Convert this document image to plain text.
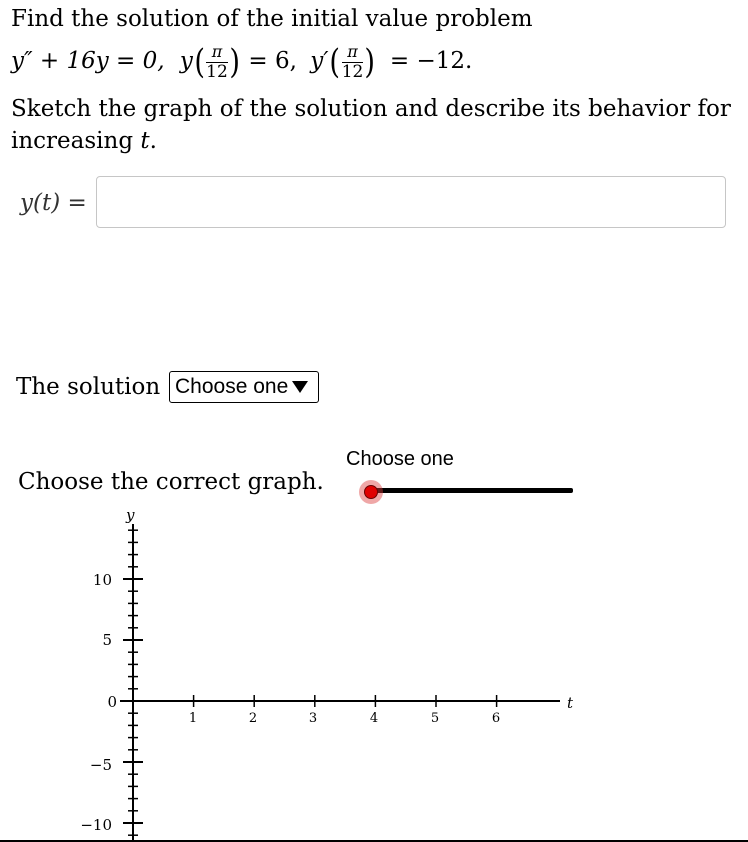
Find the solution of the initial value problem
y″ + 16y = 0, $y( \frac{\pi}{12}$ ) = 6, $y'( \frac{\pi}{12}$ ) = −12.
Sketch the graph of the solution and describe its behavior for
increasing t.
y(t) =
The solution Choose one
Choose the correct graph.
Choose one
y
t
10
5
0
−5
−10
1	2	3	4	5	6
